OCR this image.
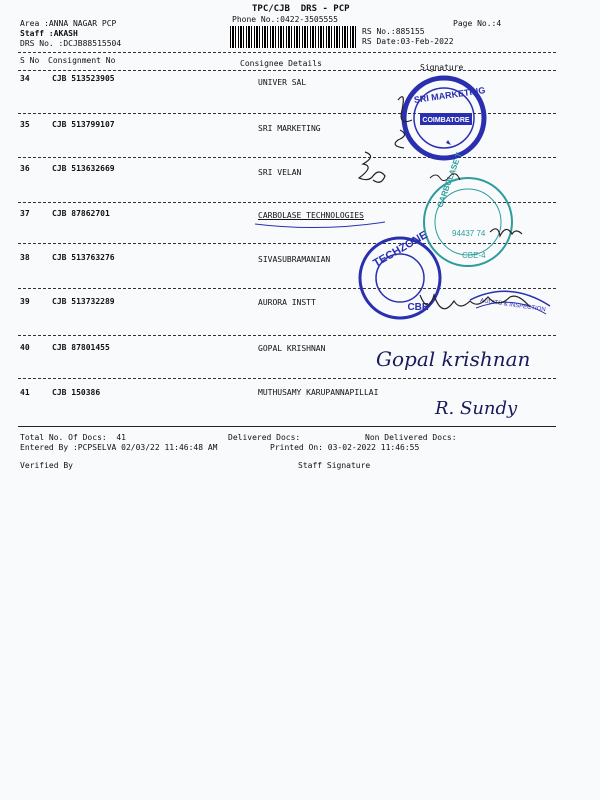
TPC/CJB  DRS - PCP
Phone No.:0422-3505555	Page No.:4
Area :ANNA NAGAR PCP
Staff :AKASH
DRS No. :DCJB88515504
RS No.:885155
RS Date:03-Feb-2022
S No Consignment No	Consignee Details	Signature
34	CJB 513523905	UNIVER SAL
35	CJB 513799107	SRI MARKETING
36	CJB 513632669	SRI VELAN
37	CJB 87862701	CARBOLASE TECHNOLOGIES
38	CJB 513763276	SIVASUBRAMANIAN
39	CJB 513732289	AURORA INSTT
40	CJB 87801455	GOPAL KRISHNAN
41	CJB 150386	MUTHUSAMY KARUPANNAPILLAI
Total No. Of Docs:  41	Delivered Docs:	Non Delivered Docs:
Entered By :PCPSELVA 02/03/22 11:46:48 AM	Printed On: 03-02-2022 11:46:55
Verified By	Staff Signature
COIMBATORE
SRI MARKETING
CARBOLASE T
94437 74
CBE-4
TECHZONE
CBE	AUDITS & INSPECTION
Gopal krishnan
R. Sundy
